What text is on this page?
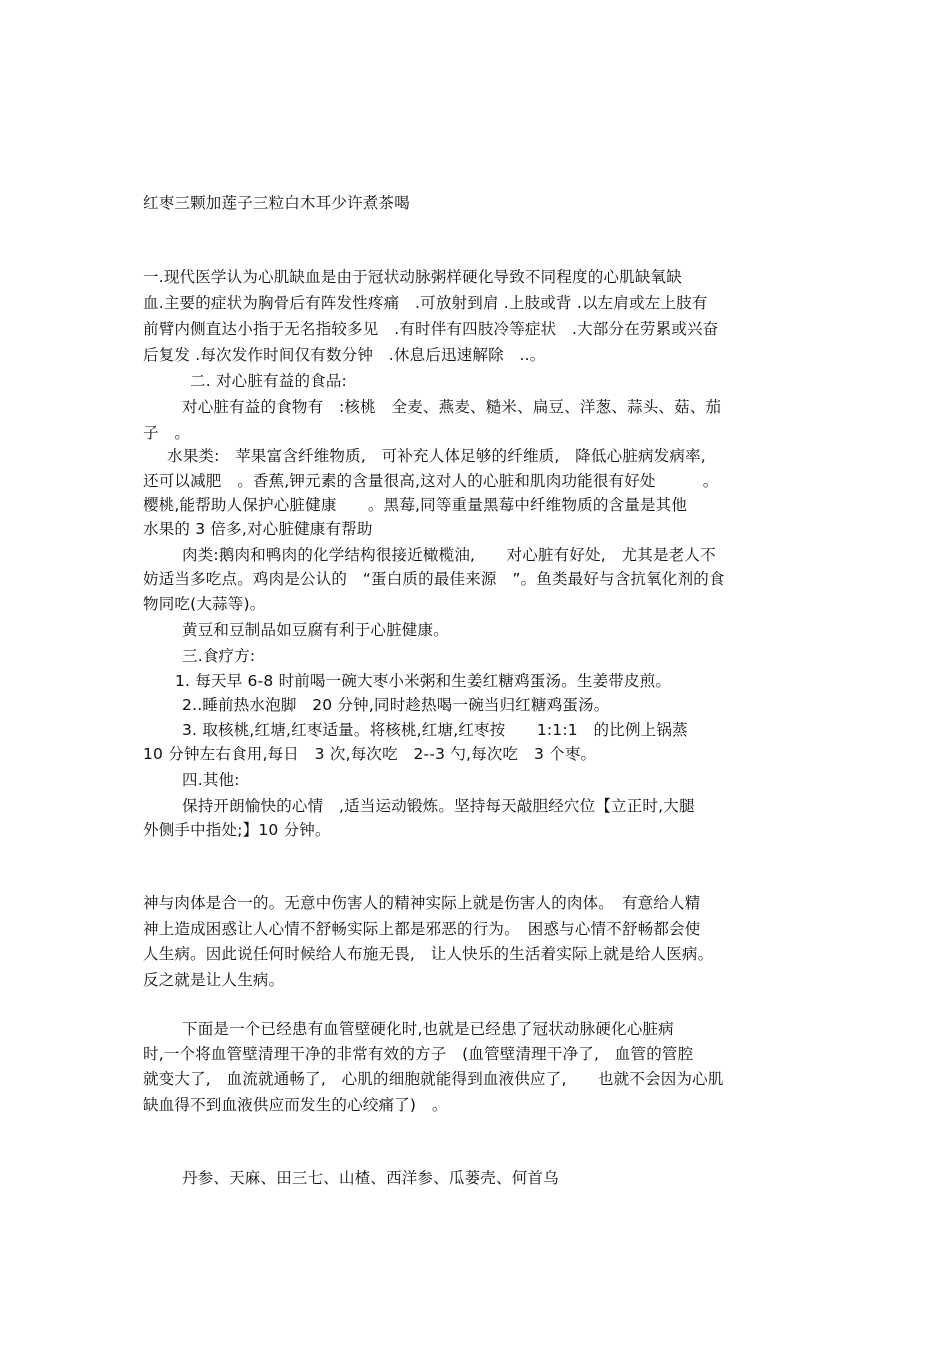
红枣三颗加莲子三粒白木耳少许煮茶喝
一.现代医学认为心肌缺血是由于冠状动脉粥样硬化导致不同程度的心肌缺氧缺
血.主要的症状为胸骨后有阵发性疼痛　.可放射到肩 .上肢或背 .以左肩或左上肢有
前臂内侧直达小指于无名指较多见　.有时伴有四肢冷等症状　.大部分在劳累或兴奋
后复发 .每次发作时间仅有数分钟　.休息后迅速解除　..。
二. 对心脏有益的食品:
对心脏有益的食物有　:核桃　全麦、燕麦、糙米、扁豆、洋葱、蒜头、菇、茄
子　。
水果类:　苹果富含纤维物质,　可补充人体足够的纤维质,　降低心脏病发病率,
还可以减肥　。香蕉,钾元素的含量很高,这对人的心脏和肌肉功能很有好处　　　。
樱桃,能帮助人保护心脏健康　　。黑莓,同等重量黑莓中纤维物质的含量是其他
水果的 3 倍多,对心脏健康有帮助
肉类:鹅肉和鸭肉的化学结构很接近橄榄油,　　对心脏有好处,　尤其是老人不
妨适当多吃点。鸡肉是公认的　“蛋白质的最佳来源　”。鱼类最好与含抗氧化剂的食
物同吃(大蒜等)。
黄豆和豆制品如豆腐有利于心脏健康。
三.食疗方:
1. 每天早 6-8 时前喝一碗大枣小米粥和生姜红糖鸡蛋汤。生姜带皮煎。
2..睡前热水泡脚　20 分钟,同时趁热喝一碗当归红糖鸡蛋汤。
3. 取核桃,红塘,红枣适量。将核桃,红塘,红枣按　　1:1:1　的比例上锅蒸
10 分钟左右食用,每日　3 次,每次吃　2--3 勺,每次吃　3 个枣。
四.其他:
保持开朗愉快的心情　,适当运动锻炼。坚持每天敲胆经穴位【立正时,大腿
外侧手中指处;】10 分钟。
神与肉体是合一的。无意中伤害人的精神实际上就是伤害人的肉体。　有意给人精
神上造成困惑让人心情不舒畅实际上都是邪恶的行为。　困惑与心情不舒畅都会使
人生病。因此说任何时候给人布施无畏,　让人快乐的生活着实际上就是给人医病。
反之就是让人生病。
下面是一个已经患有血管壁硬化时,也就是已经患了冠状动脉硬化心脏病
时,一个将血管壁清理干净的非常有效的方子　(血管壁清理干净了,　血管的管腔
就变大了,　血流就通畅了,　心肌的细胞就能得到血液供应了,　　也就不会因为心肌
缺血得不到血液供应而发生的心绞痛了)　。
丹参、天麻、田三七、山楂、西洋参、瓜蒌壳、何首乌
